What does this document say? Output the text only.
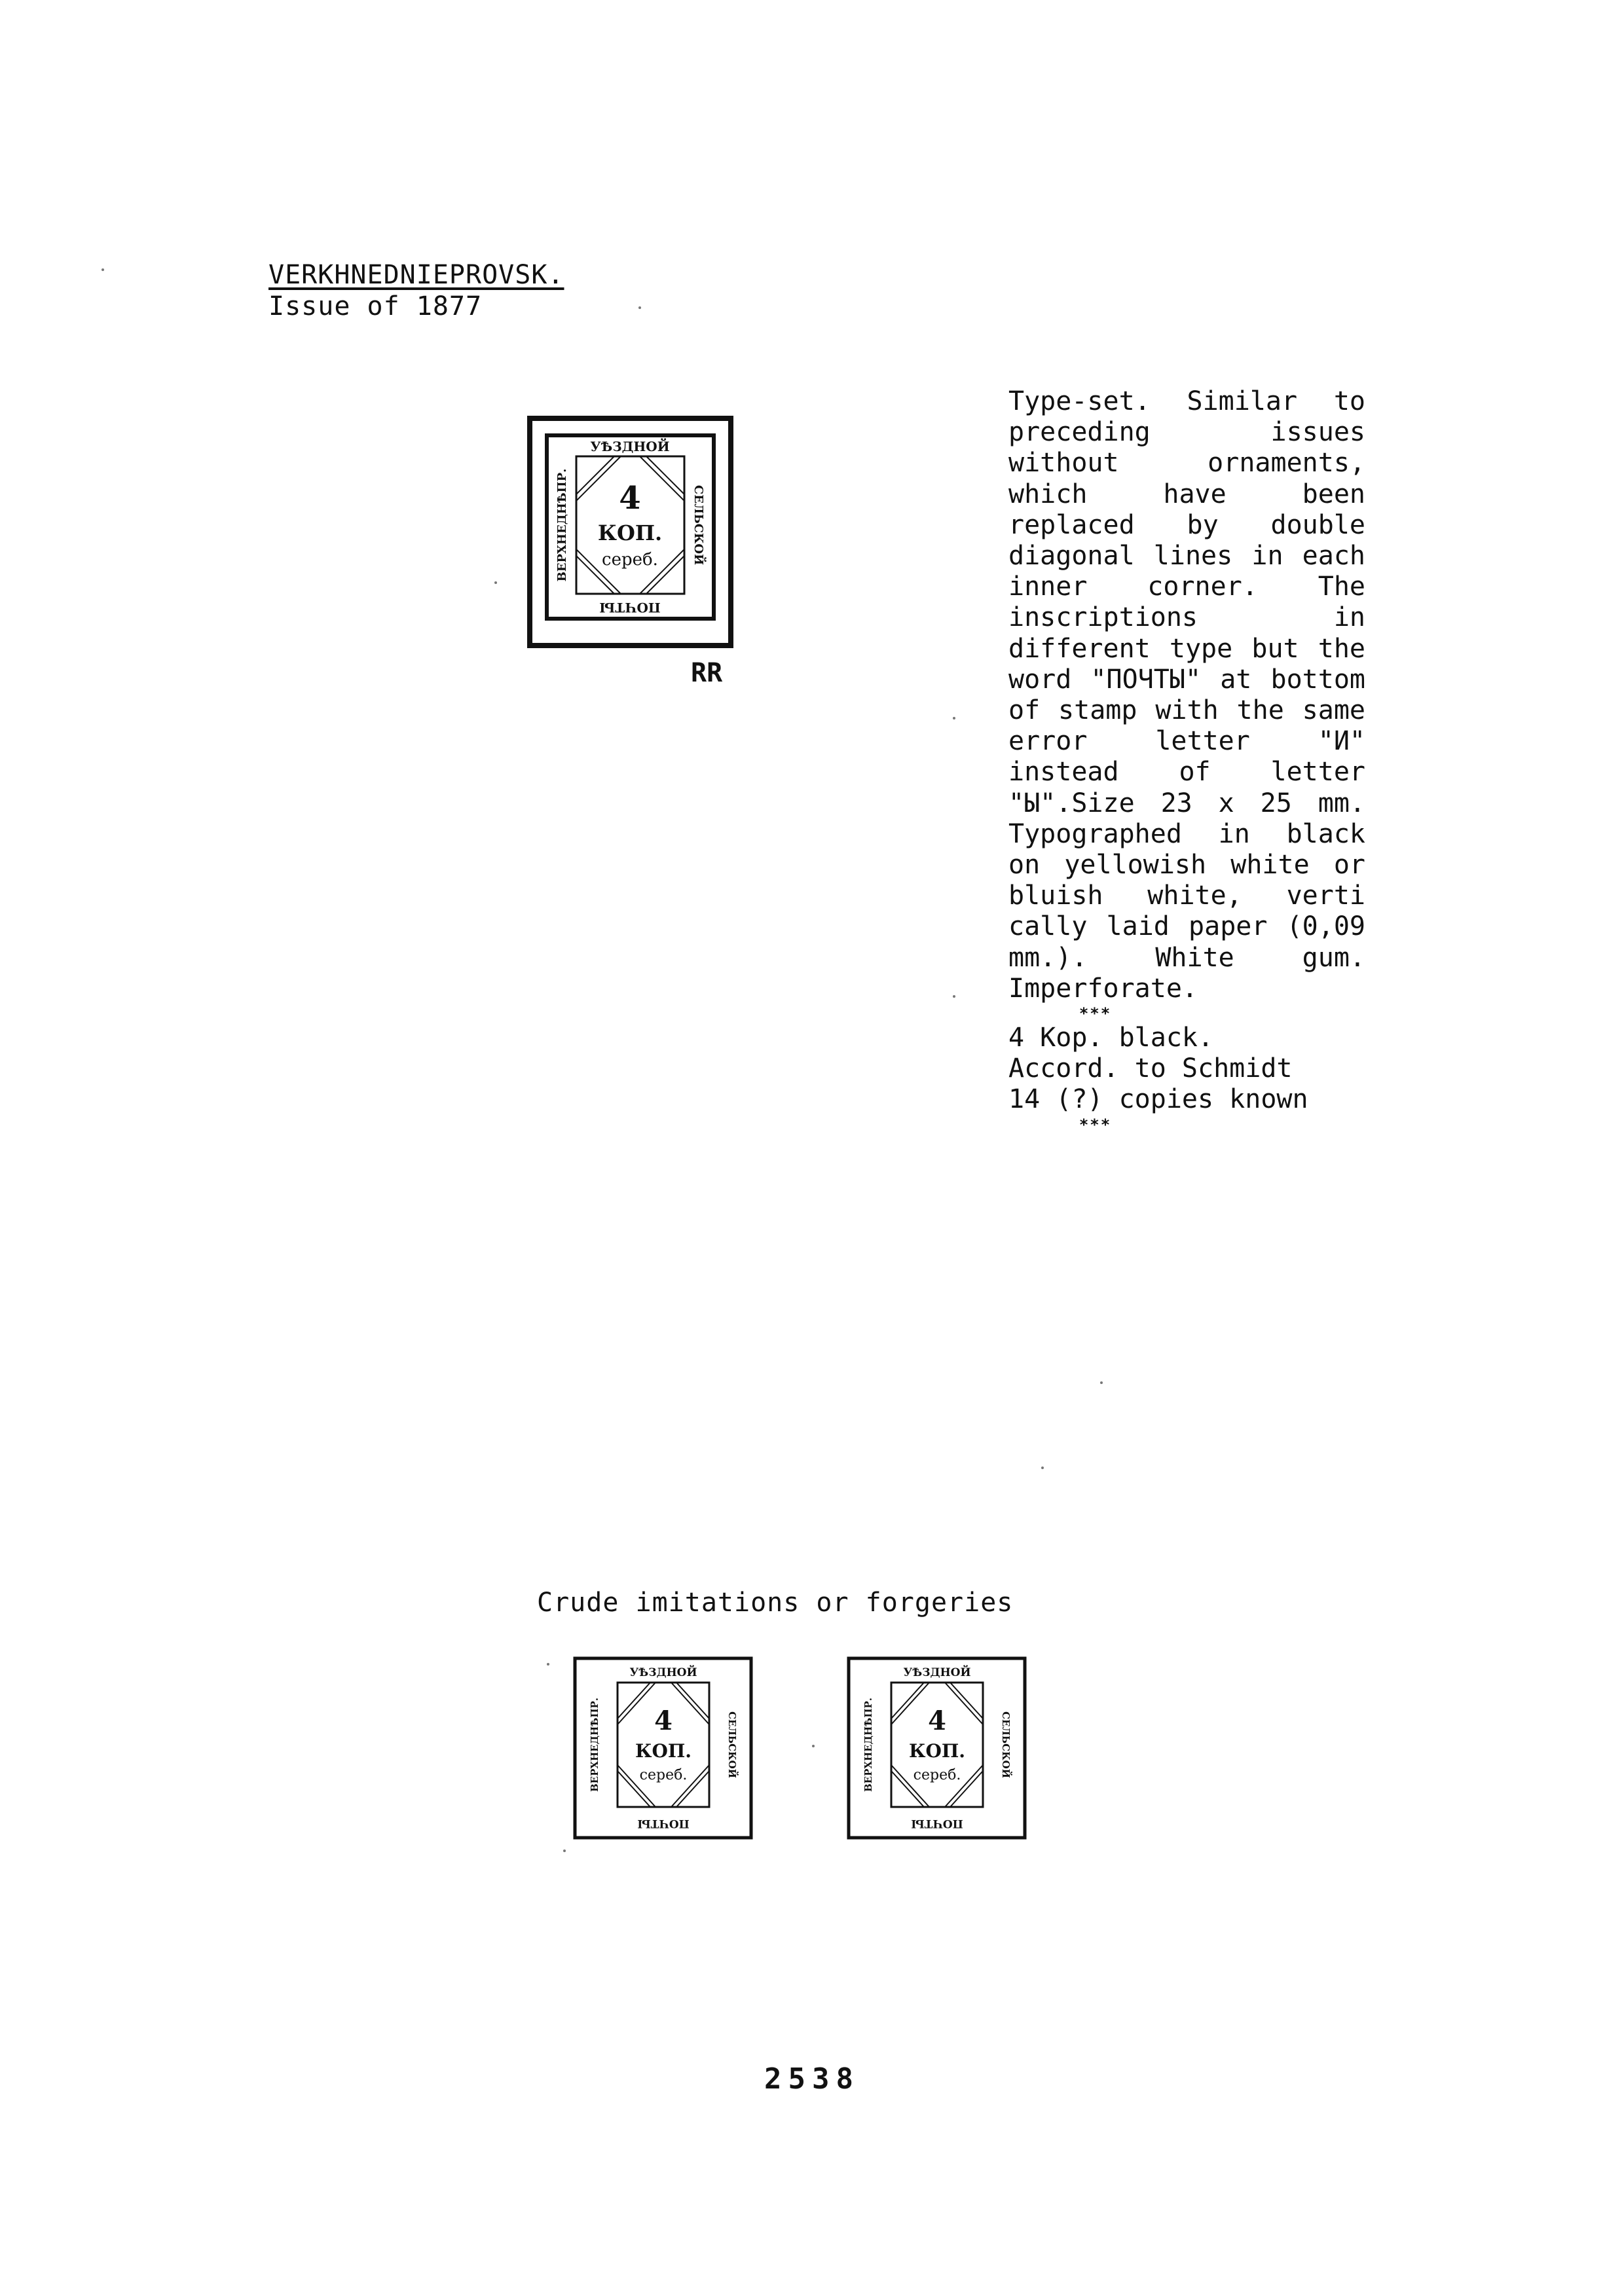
VERKHNEDNIEPROVSK.
Issue of 1877
УѢЗДНОЙ
ПОЧТЫ
ВЕРХНЕДНѢПР.	СЕЛЬСКОЙ
4
КОП.
сереб.
RR
Type-set. Similar to preceding issues without ornaments, which have been replaced by double diagonal lines in each inner corner. The inscriptions in different type but the word "ПОЧТЫ" at bottom of stamp with the same error letter "И" instead of letter "Ы".Size 23 x 25 mm. Typographed in black on yellowish white or bluish white, verti cally laid paper (0,09 mm.). White gum. Imperforate.
***
4 Kop. black.
Accord. to Schmidt
14 (?) copies known
***
Crude imitations or forgeries
УѢЗДНОЙ
ПОЧТЫ
ВЕРХНЕДНѢПР.	СЕЛЬСКОЙ
4
КОП.
сереб.
УѢЗДНОЙ
ПОЧТЫ
ВЕРХНЕДНѢПР.	СЕЛЬСКОЙ
4
КОП.
сереб.
2538
